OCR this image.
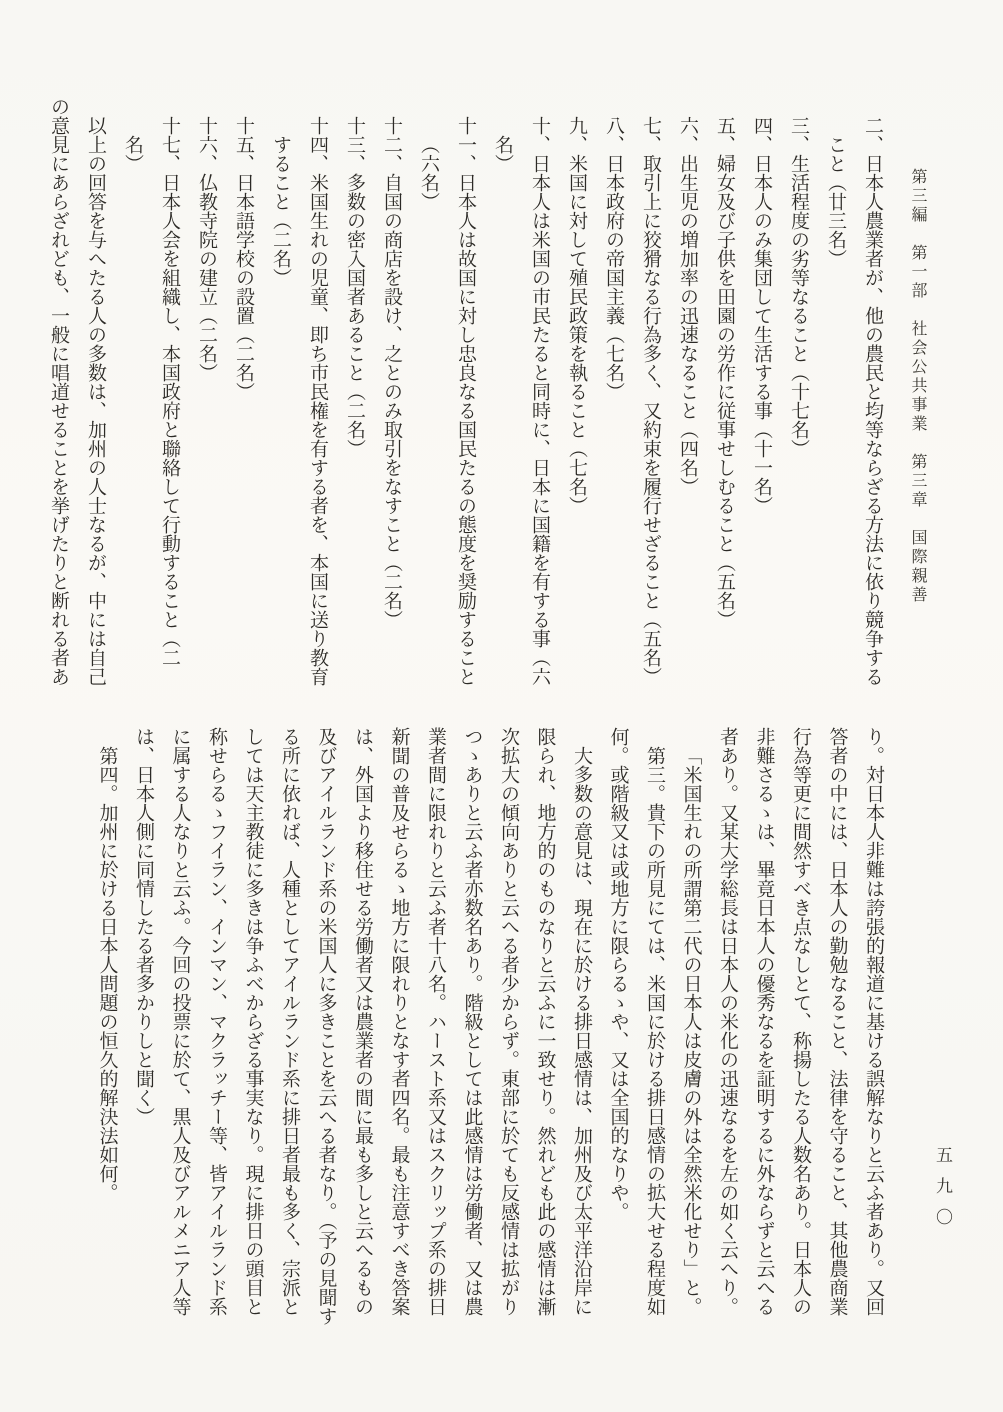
第三編　第一部　社会公共事業　第三章　国際親善

二、日本人農業者が、他の農民と均等ならざる方法に依り競争すること（廿三名）

三、生活程度の劣等なること（十七名）

四、日本人のみ集団して生活する事（十一名）

五、婦女及び子供を田園の労作に従事せしむること（五名）

六、出生児の増加率の迅速なること（四名）

七、取引上に狡猾なる行為多く、又約束を履行せざること（五名）

八、日本政府の帝国主義（七名）

九、米国に対して殖民政策を執ること（七名）

十、日本人は米国の市民たると同時に、日本に国籍を有する事（六名）

十一、日本人は故国に対し忠良なる国民たるの態度を奨励すること（六名）

十二、自国の商店を設け、之とのみ取引をなすこと（二名）

十三、多数の密入国者あること（二名）

十四、米国生れの児童、即ち市民権を有する者を、本国に送り教育すること（二名）

十五、日本語学校の設置（二名）

十六、仏教寺院の建立（二名）

十七、日本人会を組織し、本国政府と聯絡して行動すること（二名）

以上の回答を与へたる人の多数は、加州の人士なるが、中には自己の意見にあらざれども、一般に唱道せることを挙げたりと断れる者あ

り。対日本人非難は誇張的報道に基ける誤解なりと云ふ者あり。又回答者の中には、日本人の勤勉なること、法律を守ること、其他農商業行為等更に間然すべき点なしとて、称揚したる人数名あり。日本人の非難さるゝは、畢竟日本人の優秀なるを証明するに外ならずと云へる者あり。又某大学総長は日本人の米化の迅速なるを左の如く云へり。

「米国生れの所謂第二代の日本人は皮膚の外は全然米化せり」と。

第三。貴下の所見にては、米国に於ける排日感情の拡大せる程度如何。或階級又は或地方に限らるゝや、又は全国的なりや。

大多数の意見は、現在に於ける排日感情は、加州及び太平洋沿岸に限られ、地方的のものなりと云ふに一致せり。然れども此の感情は漸次拡大の傾向ありと云へる者少からず。東部に於ても反感情は拡がりつゝありと云ふ者亦数名あり。階級としては此感情は労働者、又は農業者間に限れりと云ふ者十八名。ハースト系又はスクリップ系の排日新聞の普及せらるゝ地方に限れりとなす者四名。最も注意すべき答案は、外国より移住せる労働者又は農業者の間に最も多しと云へるもの及びアイルランド系の米国人に多きことを云へる者なり。（予の見聞する所に依れば、人種としてアイルランド系に排日者最も多く、宗派としては天主教徒に多きは争ふべからざる事実なり。現に排日の頭目と称せらるゝフイラン、インマン、マクラッチー等、皆アイルランド系に属する人なりと云ふ。今回の投票に於て、黒人及びアルメニア人等は、日本人側に同情したる者多かりしと聞く）

第四。加州に於ける日本人問題の恒久的解決法如何。	五九〇
